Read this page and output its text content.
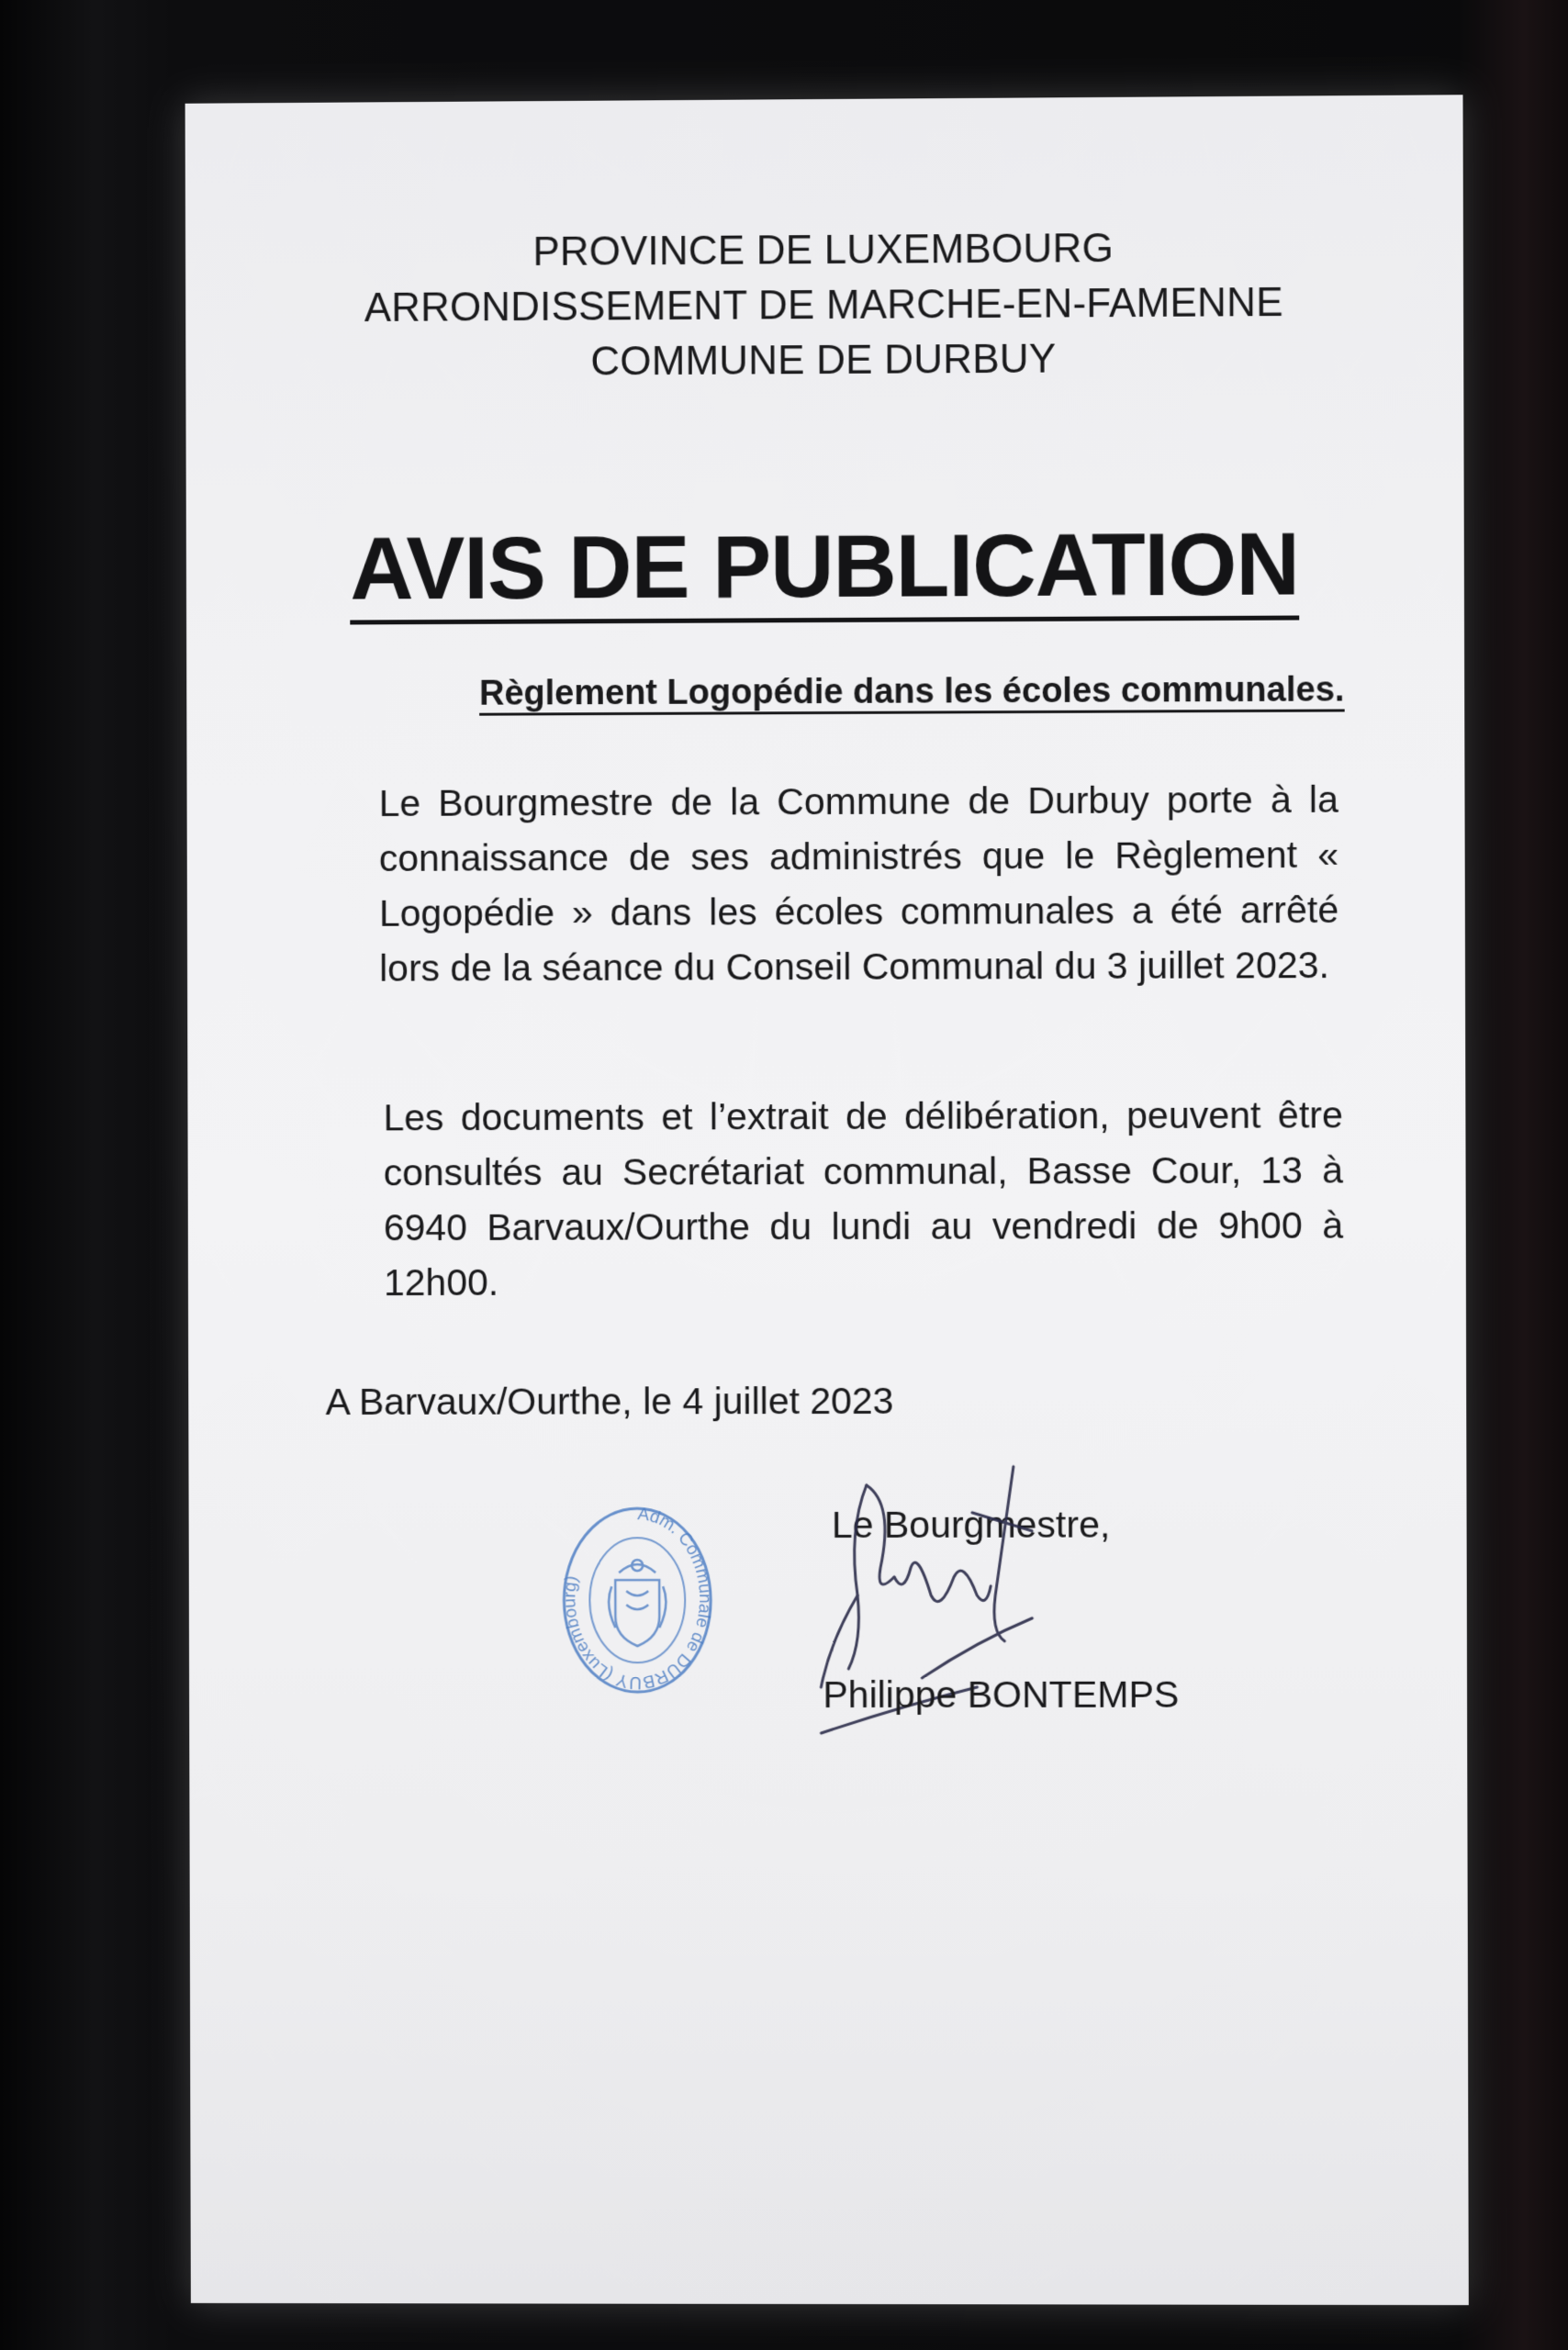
PROVINCE DE LUXEMBOURG
ARRONDISSEMENT DE MARCHE-EN-FAMENNE
COMMUNE DE DURBUY
AVIS DE PUBLICATION
Règlement Logopédie dans les écoles communales.
Le Bourgmestre de la Commune de Durbuy porte à la connaissance de ses administrés que le Règlement « Logopédie » dans les écoles communales a été arrêté lors de la séance du Conseil Communal du 3 juillet 2023.
Les documents et l’extrait de délibération, peuvent être consultés au Secrétariat communal, Basse Cour, 13 à 6940 Barvaux/Ourthe du lundi au vendredi de 9h00 à 12h00.
A Barvaux/Ourthe, le 4 juillet 2023
Adm. Communale de DURBUY (Luxembourg)
Le Bourgmestre,
Philippe BONTEMPS
